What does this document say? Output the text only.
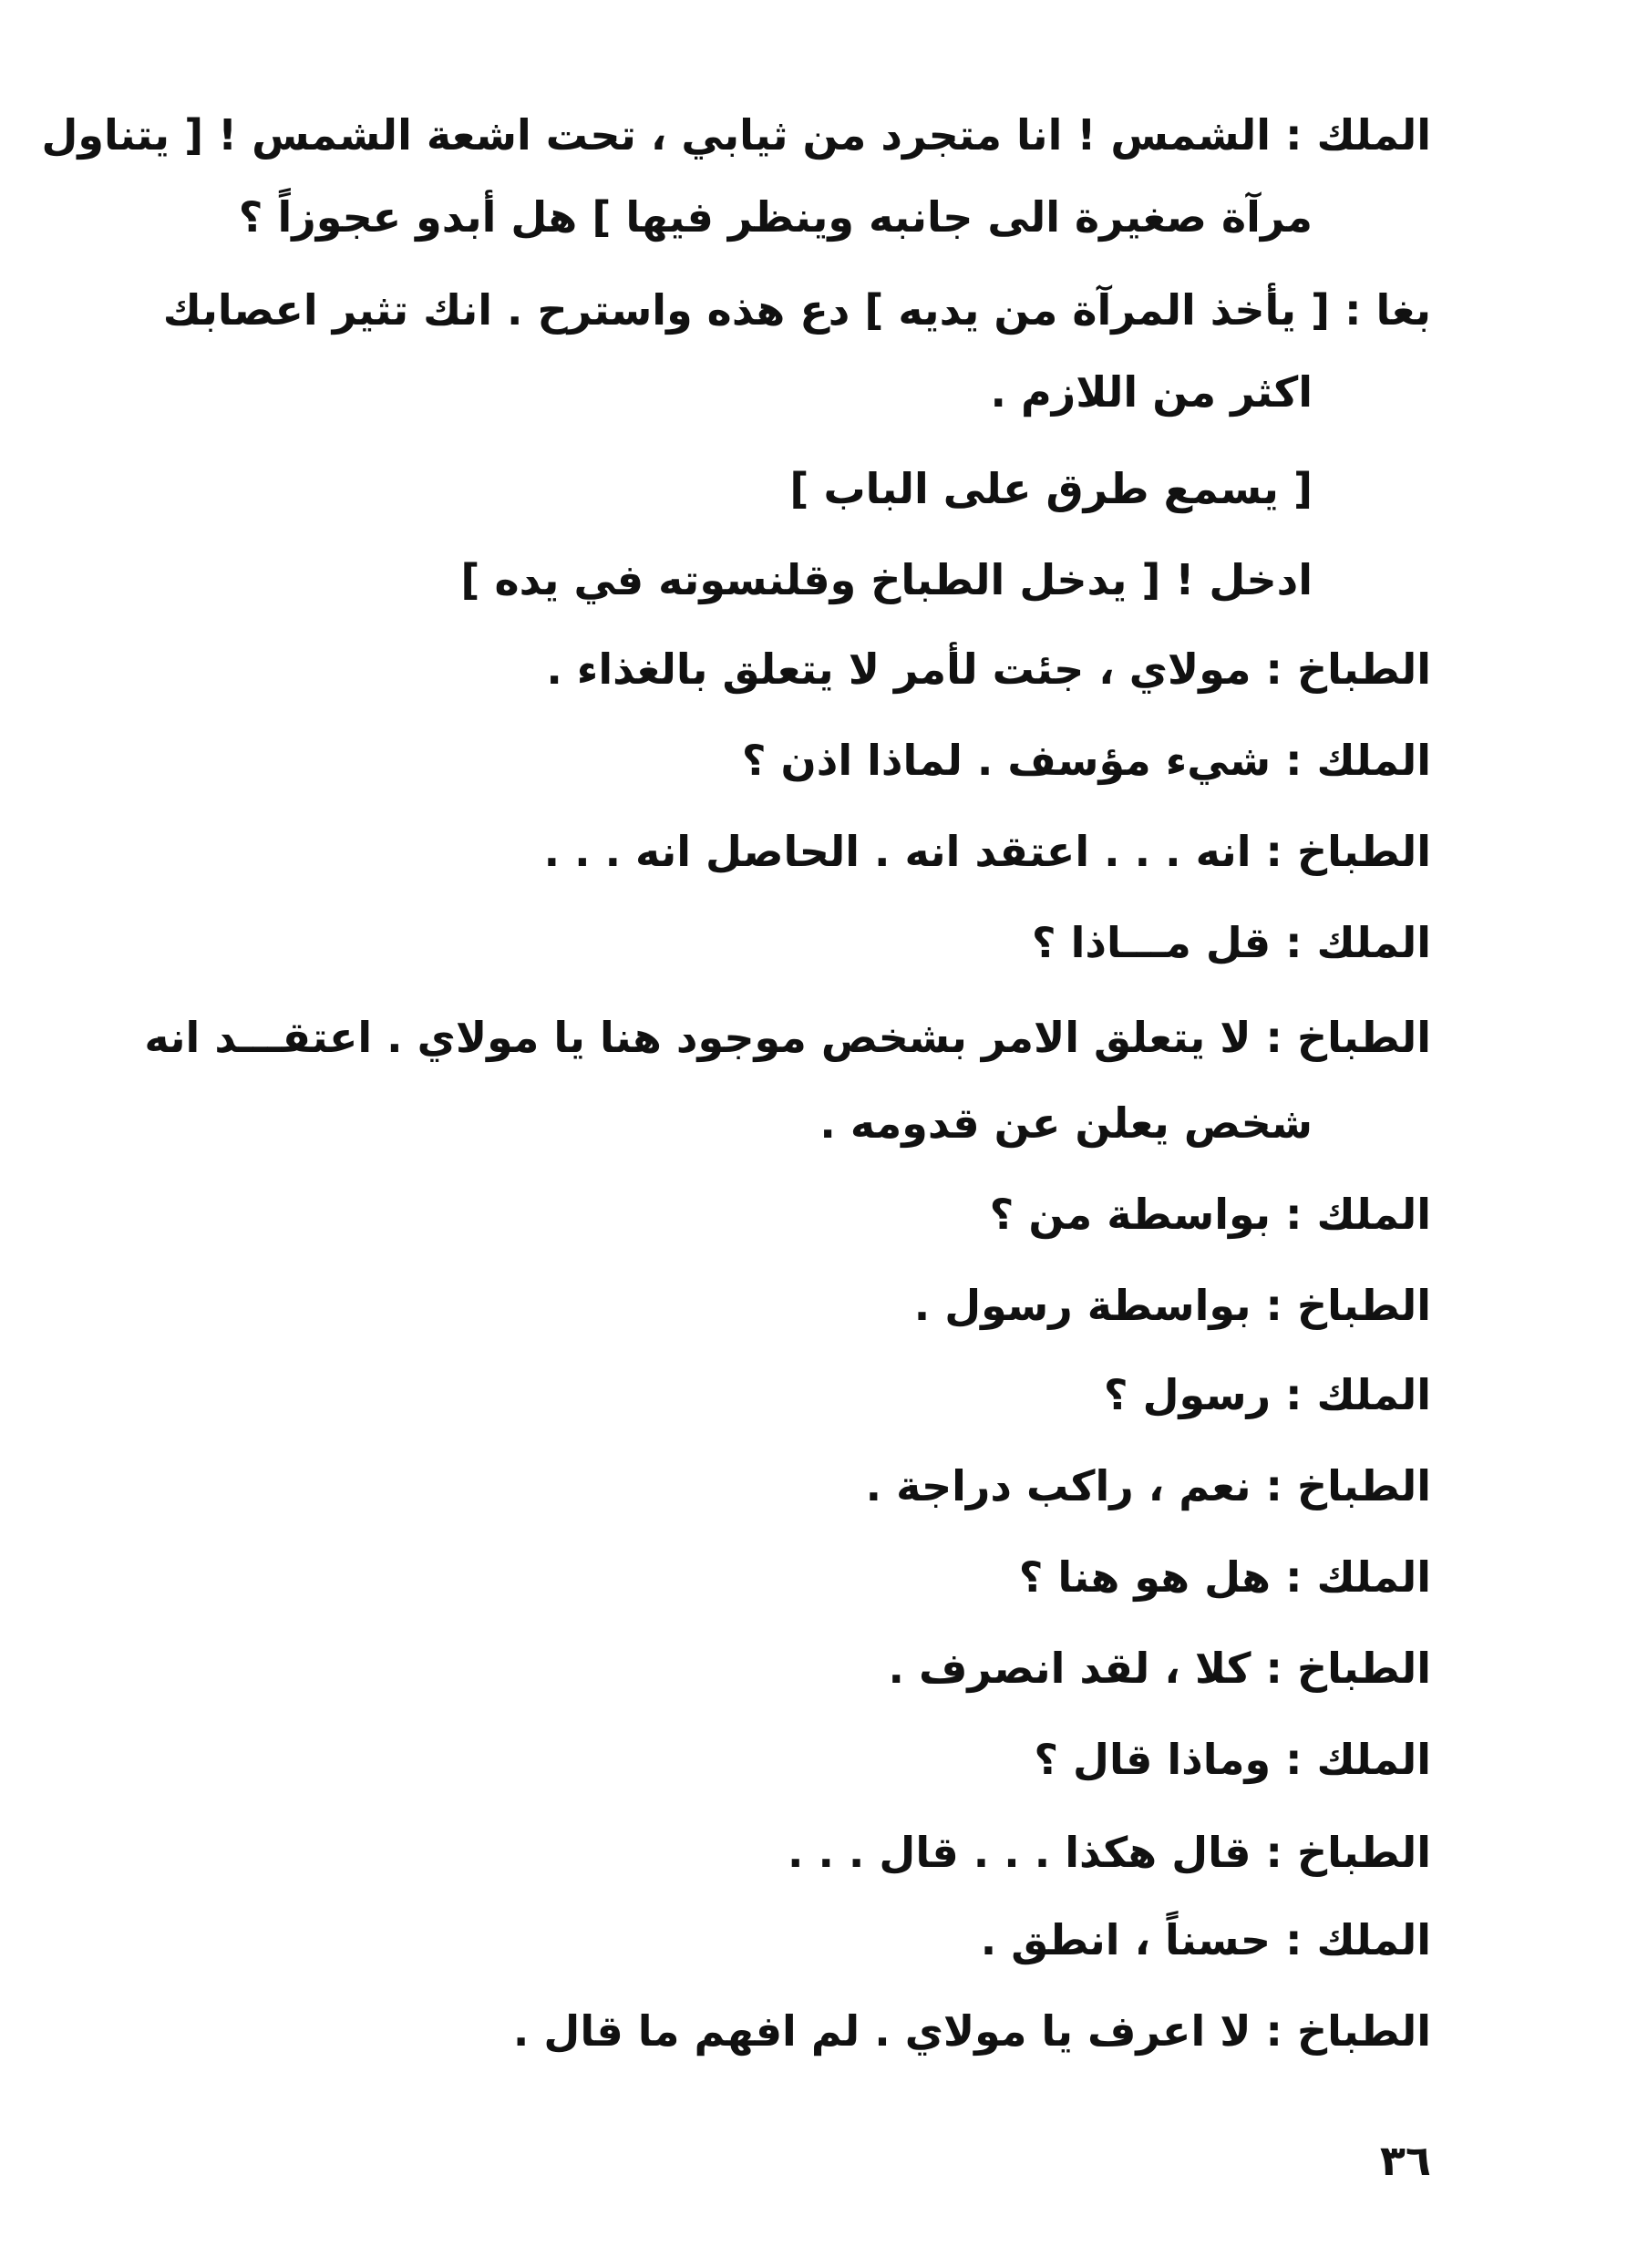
الملك : الشمس ! انا متجرد من ثيابي ، تحت اشعة الشمس ! [ يتناول
مرآة صغيرة الى جانبه وينظر فيها ] هل أبدو عجوزاً ؟
بغا : [ يأخذ المرآة من يديه ] دع هذه واسترح . انك تثير اعصابك
اكثر من اللازم .
[ يسمع طرق على الباب ]
ادخل ! [ يدخل الطباخ وقلنسوته في يده ]
الطباخ : مولاي ، جئت لأمر لا يتعلق بالغذاء .
الملك : شيء مؤسف . لماذا اذن ؟
الطباخ : انه . . . اعتقد انه . الحاصل انه . . .
الملك : قل مـــاذا ؟
الطباخ : لا يتعلق الامر بشخص موجود هنا يا مولاي . اعتقـــد انه
شخص يعلن عن قدومه .
الملك : بواسطة من ؟
الطباخ : بواسطة رسول .
الملك : رسول ؟
الطباخ : نعم ، راكب دراجة .
الملك : هل هو هنا ؟
الطباخ : كلا ، لقد انصرف .
الملك : وماذا قال ؟
الطباخ : قال هكذا . . . قال . . .
الملك : حسناً ، انطق .
الطباخ : لا اعرف يا مولاي . لم افهم ما قال .
٣٦
